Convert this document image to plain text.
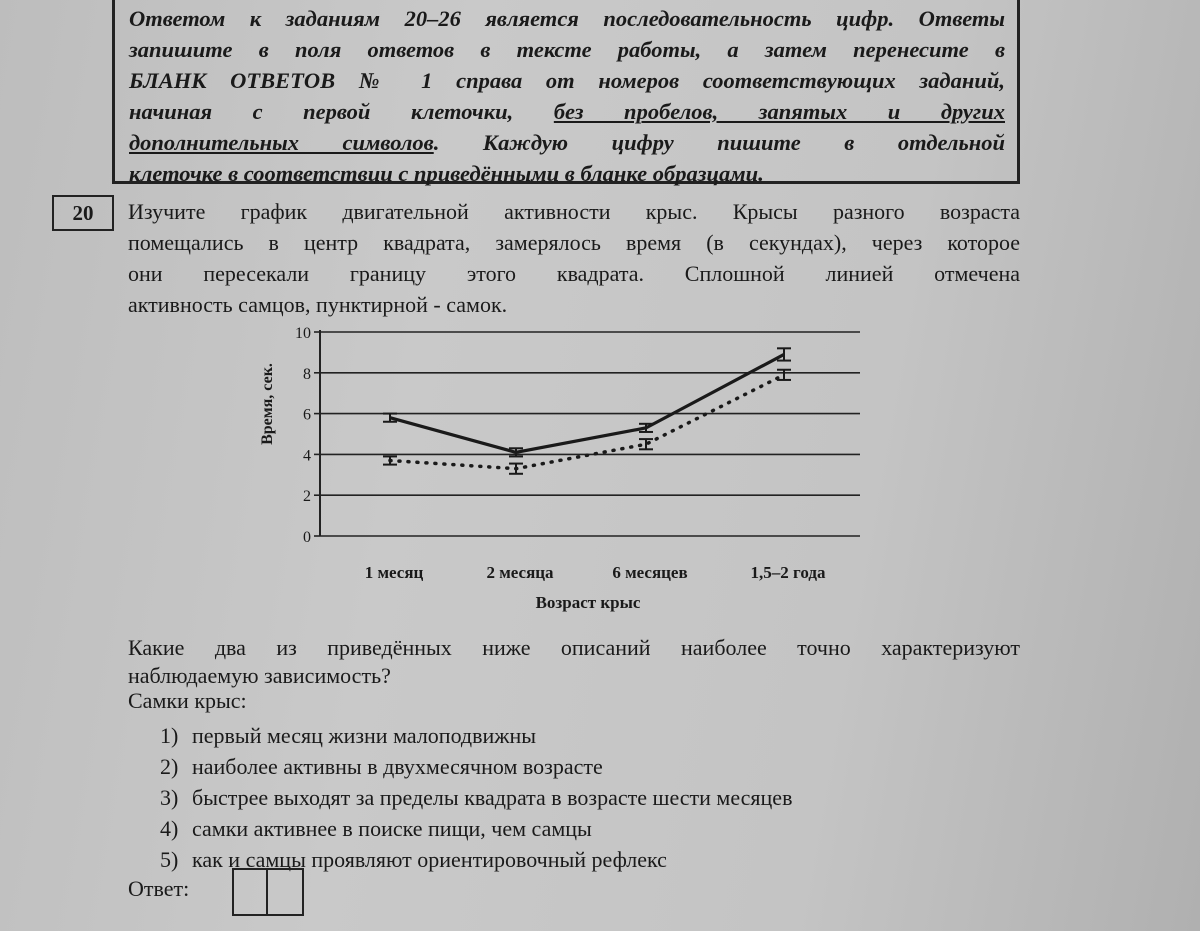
Ответом к заданиям 20–26 является последовательность цифр. Ответы
запишите в поля ответов в тексте работы, а затем перенесите в
БЛАНК ОТВЕТОВ № 1 справа от номеров соответствующих заданий,
начиная с первой клеточки, без пробелов, запятых и других
дополнительных символов. Каждую цифру пишите в отдельной
клеточке в соответствии с приведёнными в бланке образцами.
20	Изучите график двигательной активности крыс. Крысы разного возраста
помещались в центр квадрата, замерялось время (в секундах), через которое
они пересекали границу этого квадрата. Сплошной линией отмечена
активность самцов, пунктирной - самок.
0
2
4
6
8
10
Время, сек.
1 месяц	2 месяца	6 месяцев	1,5–2 года
Возраст крыс
Какие два из приведённых ниже описаний наиболее точно характеризуют
наблюдаемую зависимость?
Самки крыс:
1) первый месяц жизни малоподвижны
2) наиболее активны в двухмесячном возрасте
3) быстрее выходят за пределы квадрата в возрасте шести месяцев
4) самки активнее в поиске пищи, чем самцы
5) как и самцы проявляют ориентировочный рефлекс
Ответ:
